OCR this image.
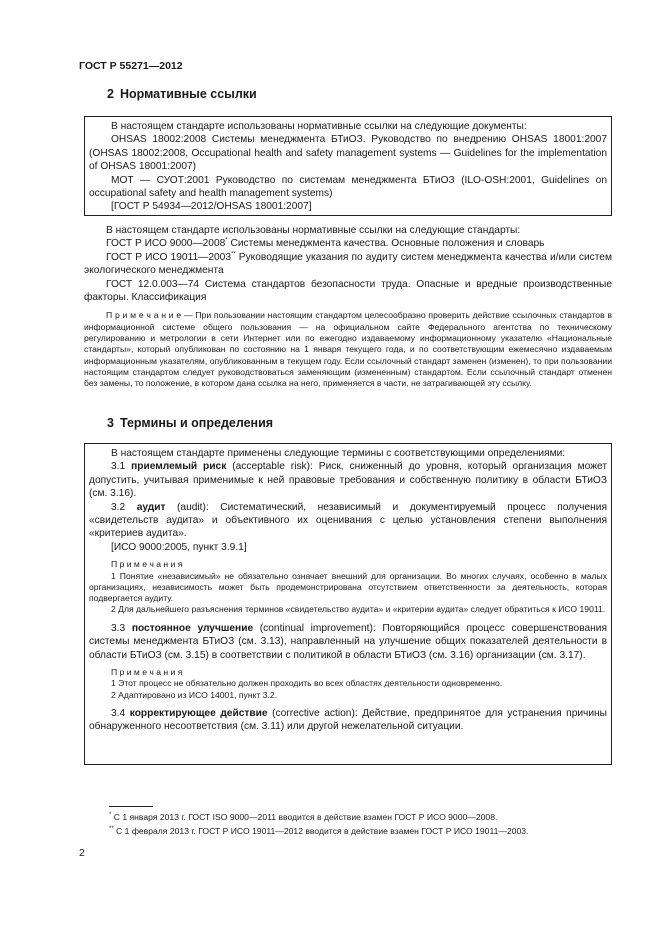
ГОСТ Р 55271—2012
2 Нормативные ссылки

В настоящем стандарте использованы нормативные ссылки на следующие документы:

OHSAS 18002:2008 Системы менеджмента БТиОЗ. Руководство по внедрению OHSAS 18001:2007 (OHSAS 18002:2008, Occupational health and safety management systems — Guidelines for the implementation of OHSAS 18001:2007)

МОТ — СУОТ:2001 Руководство по системам менеджмента БТиОЗ (ILO-OSH:2001, Guidelines on occupational safety and health management systems)

[ГОСТ Р 54934—2012/OHSAS 18001:2007]

В настоящем стандарте использованы нормативные ссылки на следующие стандарты:

ГОСТ Р ИСО 9000—2008* Системы менеджмента качества. Основные положения и словарь

ГОСТ Р ИСО 19011—2003** Руководящие указания по аудиту систем менеджмента качества и/или систем экологического менеджмента

ГОСТ 12.0.003—74 Система стандартов безопасности труда. Опасные и вредные производственные факторы. Классификация

П р и м е ч а н и е — При пользовании настоящим стандартом целесообразно проверить действие ссылочных стандартов в информационной системе общего пользования — на официальном сайте Федерального агентства по техническому регулированию и метрологии в сети Интернет или по ежегодно издаваемому информационному указателю «Национальные стандарты», который опубликован по состоянию на 1 января текущего года, и по соответствующим ежемесячно издаваемым информационным указателям, опубликованным в текущем году. Если ссылочный стандарт заменен (изменен), то при пользовании настоящим стандартом следует руководствоваться заменяющим (измененным) стандартом. Если ссылочный стандарт отменен без замены, то положение, в котором дана ссылка на него, применяется в части, не затрагивающей эту ссылку.

3 Термины и определения

В настоящем стандарте применены следующие термины с соответствующими определениями:

3.1 приемлемый риск (acceptable risk): Риск, сниженный до уровня, который организация может допустить, учитывая применимые к ней правовые требования и собственную политику в области БТиОЗ (см. 3.16).

3.2 аудит (audit): Систематический, независимый и документируемый процесс получения «свидетельств аудита» и объективного их оценивания с целью установления степени выполнения «критериев аудита».

[ИСО 9000:2005, пункт 3.9.1]

П р и м е ч а н и я

1 Понятие «независимый» не обязательно означает внешний для организации. Во многих случаях, особенно в малых организациях, независимость может быть продемонстрирована отсутствием ответственности за деятельность, которая подвергается аудиту.

2 Для дальнейшего разъяснения терминов «свидетельство аудита» и «критерии аудита» следует обратиться к ИСО 19011.

3.3 постоянное улучшение (continual improvement): Повторяющийся процесс совершенствования системы менеджмента БТиОЗ (см. 3.13), направленный на улучшение общих показателей деятельности в области БТиОЗ (см. 3.15) в соответствии с политикой в области БТиОЗ (см. 3.16) организации (см. 3.17).

П р и м е ч а н и я

1 Этот процесс не обязательно должен проходить во всех областях деятельности одновременно.

2 Адаптировано из ИСО 14001, пункт 3.2.

3.4 корректирующее действие (corrective action): Действие, предпринятое для устранения причины обнаруженного несоответствия (см. 3.11) или другой нежелательной ситуации.

* С 1 января 2013 г. ГОСТ ISO 9000—2011 вводится в действие взамен ГОСТ Р ИСО 9000—2008.
** С 1 февраля 2013 г. ГОСТ Р ИСО 19011—2012 вводится в действие взамен ГОСТ Р ИСО 19011—2003.
2
